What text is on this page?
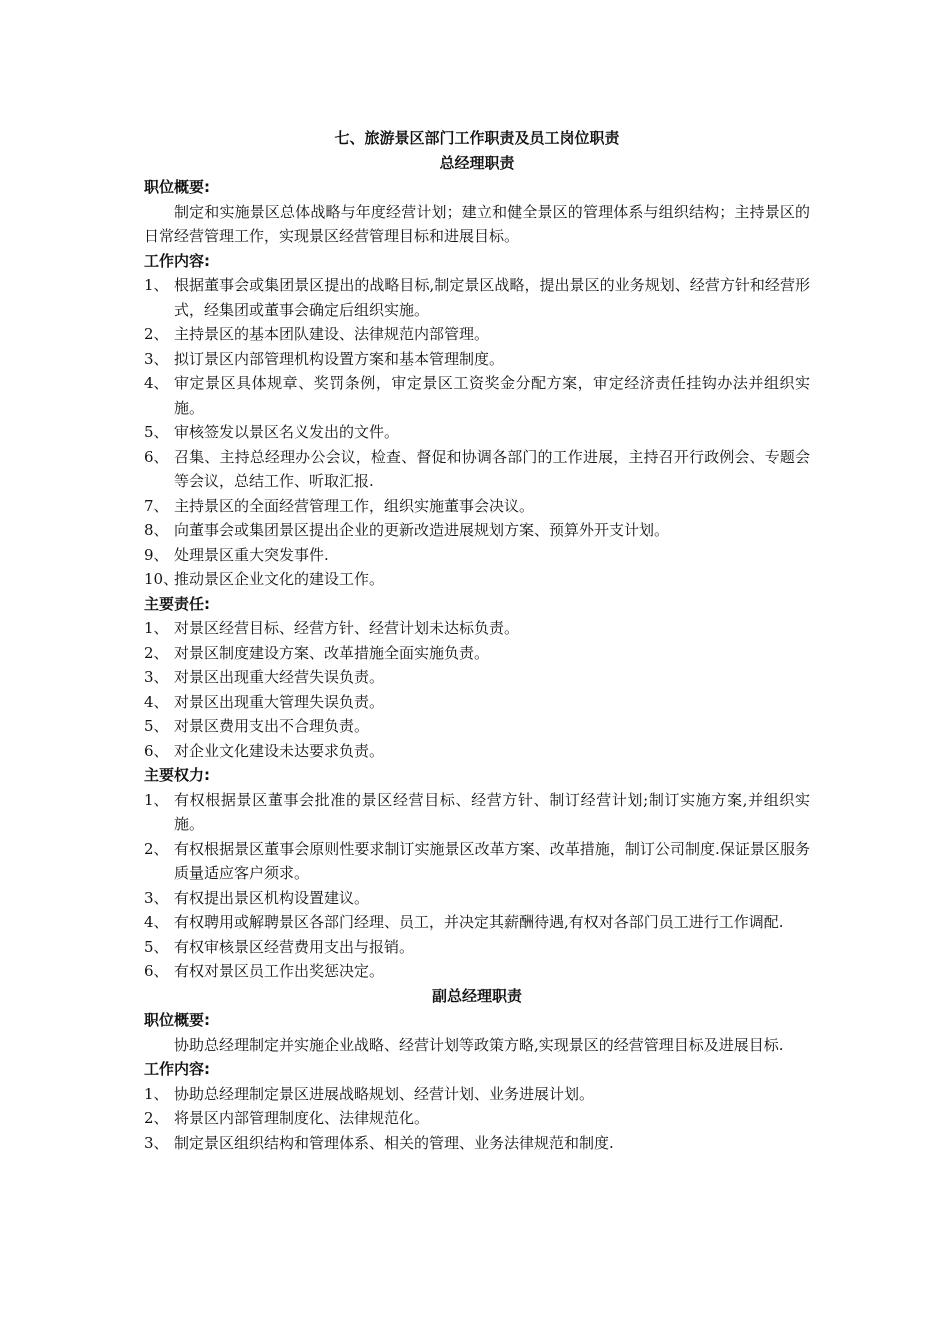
七、旅游景区部门工作职责及员工岗位职责
总经理职责
职位概要:
制定和实施景区总体战略与年度经营计划；建立和健全景区的管理体系与组织结构；主持景区的日常经营管理工作，实现景区经营管理目标和进展目标。
工作内容:
1、 根据董事会或集团景区提出的战略目标,制定景区战略，提出景区的业务规划、经营方针和经营形式，经集团或董事会确定后组织实施。
2、 主持景区的基本团队建设、法律规范内部管理。
3、 拟订景区内部管理机构设置方案和基本管理制度。
4、 审定景区具体规章、奖罚条例，审定景区工资奖金分配方案，审定经济责任挂钩办法并组织实施。
5、 审核签发以景区名义发出的文件。
6、 召集、主持总经理办公会议，检查、督促和协调各部门的工作进展，主持召开行政例会、专题会等会议，总结工作、听取汇报.
7、 主持景区的全面经营管理工作，组织实施董事会决议。
8、 向董事会或集团景区提出企业的更新改造进展规划方案、预算外开支计划。
9、 处理景区重大突发事件.
10、
推动景区企业文化的建设工作。
主要责任:
1、 对景区经营目标、经营方针、经营计划未达标负责。
2、 对景区制度建设方案、改革措施全面实施负责。
3、 对景区出现重大经营失误负责。
4、 对景区出现重大管理失误负责。
5、 对景区费用支出不合理负责。
6、 对企业文化建设未达要求负责。
主要权力:
1、 有权根据景区董事会批准的景区经营目标、经营方针、制订经营计划;制订实施方案,并组织实施。
2、 有权根据景区董事会原则性要求制订实施景区改革方案、改革措施，制订公司制度.保证景区服务质量适应客户须求。
3、 有权提出景区机构设置建议。
4、 有权聘用或解聘景区各部门经理、员工，并决定其薪酬待遇,有权对各部门员工进行工作调配.
5、 有权审核景区经营费用支出与报销。
6、 有权对景区员工作出奖惩决定。
副总经理职责
职位概要:
协助总经理制定并实施企业战略、经营计划等政策方略,实现景区的经营管理目标及进展目标.
工作内容:
1、 协助总经理制定景区进展战略规划、经营计划、业务进展计划。
2、 将景区内部管理制度化、法律规范化。
3、 制定景区组织结构和管理体系、相关的管理、业务法律规范和制度.
